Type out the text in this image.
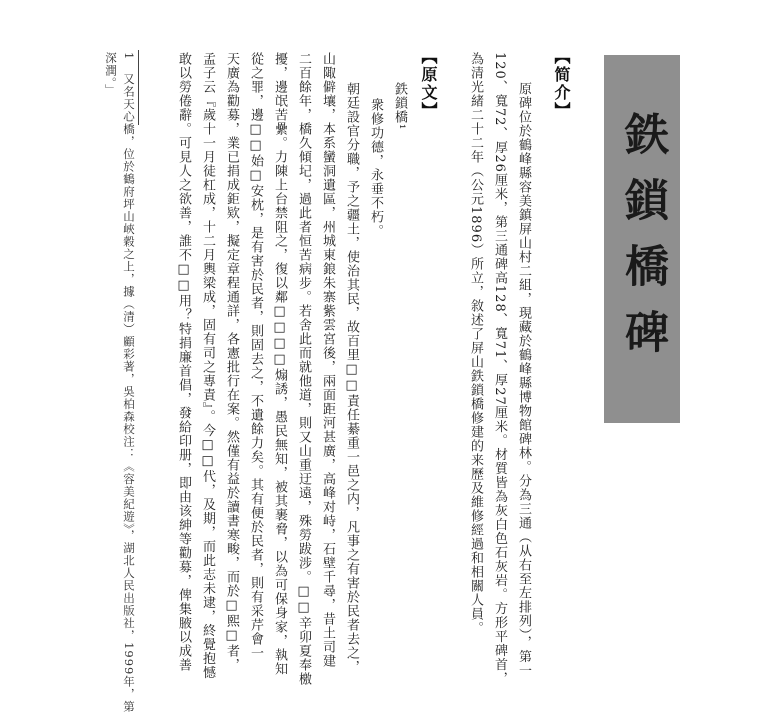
鉄鎖橋碑
【简介】
原碑位於鶴峰縣容美鎮屏山村二組，現藏於鶴峰縣博物館碑林。分為三通（从右至左排列），第一
120、寬72、厚26厘米，第三通碑高128、寬71、厚27厘米。材質皆為灰白色石灰岩。方形平碑首，
為清光緒二十二年（公元1896）所立，敘述了屏山鉄鎖橋修建的来歷及維修經過和相關人員。
【原文】
鉄鎖橋¹
衆修功德，永垂不朽。
朝廷設官分職，予之疆土，使治其民，故百里□□責任綦重一邑之内，凡事之有害於民者去之，
山陬僻壤，本系蠻洞遺區，州城東鋃朱寨紫雲宮後，兩面距河甚廣，高峰对峙，石壁千尋，昔土司建
二百餘年，橋久傾圮，過此者恒苦病步。若舍此而就他道，則又山重迂遠，殊勞跋涉。□□辛卯夏奉檄
擾，邊氓苦纍。力陳上台禁阻之，復以鄰□□□□煽誘，愚民無知，被其裹脅，以為可保身家，執知
從之罪，邊□□始□安枕，是有害於民者，則固去之，不遺餘力矣。其有便於民者，則有采芹會一
天廣為勸募，業已捐成鉅欵，擬定章程通詳，各憲批行在案。然僅有益於讀書寒畯，而於□熙□者，
孟子云『歲十一月徒杠成，十二月輿梁成，固有司之專責』。今□□代，及期，而此志未逮，終覺抱憾
敢以勞倦辭。可見人之欲善，誰不□□用？特捐廉首倡，發給印册，即由该紳等勸募，俾集腋以成善
1　又名天心橋，位於鶴府坪山峽穀之上，據（清）顧彩著，吳柏森校注：《容美紀遊》，湖北人民出版社，1999年，第
深潤。」
